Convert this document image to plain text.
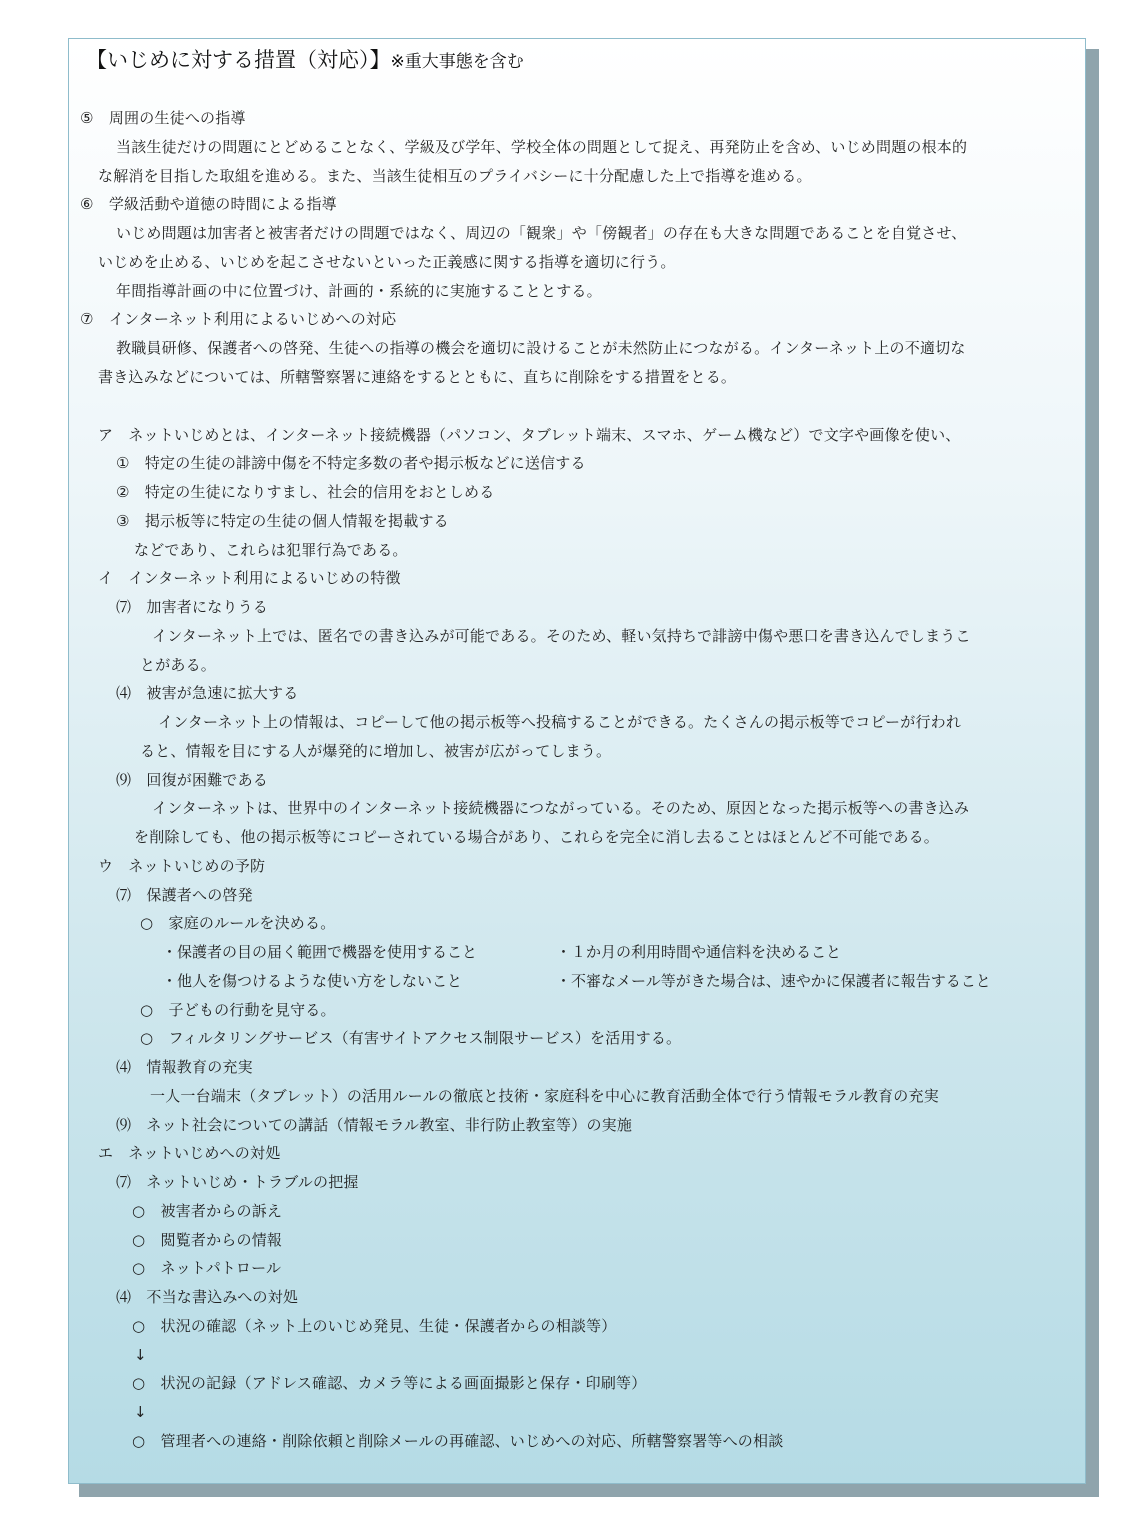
【いじめに対する措置（対応）】※重大事態を含む
⑤　周囲の生徒への指導
当該生徒だけの問題にとどめることなく、学級及び学年、学校全体の問題として捉え、再発防止を含め、いじめ問題の根本的
な解消を目指した取組を進める。また、当該生徒相互のプライバシーに十分配慮した上で指導を進める。
⑥　学級活動や道徳の時間による指導
いじめ問題は加害者と被害者だけの問題ではなく、周辺の「観衆」や「傍観者」の存在も大きな問題であることを自覚させ、
いじめを止める、いじめを起こさせないといった正義感に関する指導を適切に行う。
年間指導計画の中に位置づけ、計画的・系統的に実施することとする。
⑦　インターネット利用によるいじめへの対応
教職員研修、保護者への啓発、生徒への指導の機会を適切に設けることが未然防止につながる。インターネット上の不適切な
書き込みなどについては、所轄警察署に連絡をするとともに、直ちに削除をする措置をとる。
ア　ネットいじめとは、インターネット接続機器（パソコン、タブレット端末、スマホ、ゲーム機など）で文字や画像を使い、
①　特定の生徒の誹謗中傷を不特定多数の者や掲示板などに送信する
②　特定の生徒になりすまし、社会的信用をおとしめる
③　掲示板等に特定の生徒の個人情報を掲載する
などであり、これらは犯罪行為である。
イ　インターネット利用によるいじめの特徴
⑺　加害者になりうる
インターネット上では、匿名での書き込みが可能である。そのため、軽い気持ちで誹謗中傷や悪口を書き込んでしまうこ
とがある。
⑷　被害が急速に拡大する
インターネット上の情報は、コピーして他の掲示板等へ投稿することができる。たくさんの掲示板等でコピーが行われ
ると、情報を目にする人が爆発的に増加し、被害が広がってしまう。
⑼　回復が困難である
インターネットは、世界中のインターネット接続機器につながっている。そのため、原因となった掲示板等への書き込み
を削除しても、他の掲示板等にコピーされている場合があり、これらを完全に消し去ることはほとんど不可能である。
ウ　ネットいじめの予防
⑺　保護者への啓発
○　家庭のルールを決める。
・保護者の目の届く範囲で機器を使用すること	・１か月の利用時間や通信料を決めること
・他人を傷つけるような使い方をしないこと	・不審なメール等がきた場合は、速やかに保護者に報告すること
○　子どもの行動を見守る。
○　フィルタリングサービス（有害サイトアクセス制限サービス）を活用する。
⑷　情報教育の充実
一人一台端末（タブレット）の活用ルールの徹底と技術・家庭科を中心に教育活動全体で行う情報モラル教育の充実
⑼　ネット社会についての講話（情報モラル教室、非行防止教室等）の実施
エ　ネットいじめへの対処
⑺　ネットいじめ・トラブルの把握
○　被害者からの訴え
○　閲覧者からの情報
○　ネットパトロール
⑷　不当な書込みへの対処
○　状況の確認（ネット上のいじめ発見、生徒・保護者からの相談等）
↓
○　状況の記録（アドレス確認、カメラ等による画面撮影と保存・印刷等）
↓
○　管理者への連絡・削除依頼と削除メールの再確認、いじめへの対応、所轄警察署等への相談
